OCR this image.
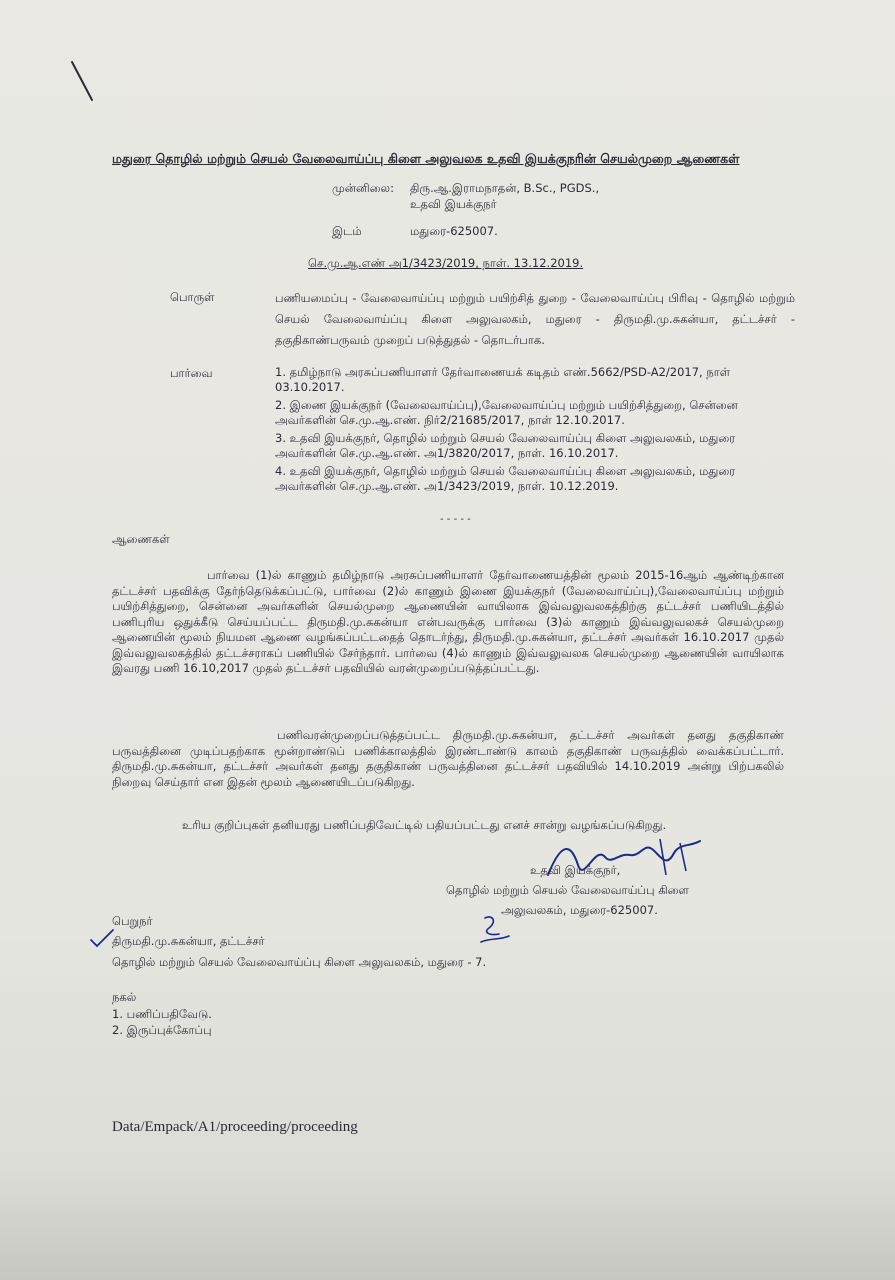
மதுரை தொழில் மற்றும் செயல் வேலைவாய்ப்பு கிளை அலுவலக உதவி இயக்குநரின் செயல்முறை ஆணைகள்
முன்னிலை: திரு.ஆ.இராமநாதன், B.Sc., PGDS.,
உதவி இயக்குநர்
இடம்	மதுரை-625007.
செ.மு.ஆ.எண் அ1/3423/2019, நாள். 13.12.2019.
பொருள்	பணியமைப்பு - வேலைவாய்ப்பு மற்றும் பயிற்சித் துறை - வேலைவாய்ப்பு பிரிவு - தொழில் மற்றும் செயல் வேலைவாய்ப்பு கிளை அலுவலகம், மதுரை - திருமதி.மு.சுகன்யா, தட்டச்சர் - தகுதிகாண்பருவம் முறைப் படுத்துதல் - தொடர்பாக.
பார்வை	1. தமிழ்நாடு அரசுப்பணியாளர் தேர்வாணையக் கடிதம் எண்.5662/PSD-A2/2017, நாள் 03.10.2017.
2. இணை இயக்குநர் (வேலைவாய்ப்பு),வேலைவாய்ப்பு மற்றும் பயிற்சித்துறை, சென்னை அவர்களின் செ.மு.ஆ.எண். நிர்2/21685/2017, நாள் 12.10.2017.
3. உதவி இயக்குநர், தொழில் மற்றும் செயல் வேலைவாய்ப்பு கிளை அலுவலகம், மதுரை அவர்களின் செ.மு.ஆ.எண். அ1/3820/2017, நாள். 16.10.2017.
4. உதவி இயக்குநர், தொழில் மற்றும் செயல் வேலைவாய்ப்பு கிளை அலுவலகம், மதுரை அவர்களின் செ.மு.ஆ.எண். அ1/3423/2019, நாள். 10.12.2019.
- - - - -
ஆணைகள்
பார்வை (1)ல் காணும் தமிழ்நாடு அரசுப்பணியாளர் தேர்வாணையத்தின் மூலம் 2015-16ஆம் ஆண்டிற்கான தட்டச்சர் பதவிக்கு தேர்ந்தெடுக்கப்பட்டு, பார்வை (2)ல் காணும் இணை இயக்குநர் (வேலைவாய்ப்பு),வேலைவாய்ப்பு மற்றும் பயிற்சித்துறை, சென்னை அவர்களின் செயல்முறை ஆணையின் வாயிலாக இவ்வலுவலகத்திற்கு தட்டச்சர் பணியிடத்தில் பணிபுரிய ஒதுக்கீடு செய்யப்பட்ட திருமதி.மு.சுகன்யா என்பவருக்கு பார்வை (3)ல் காணும் இவ்வலுவலகச் செயல்முறை ஆணையின் மூலம் நியமன ஆணை வழங்கப்பட்டதைத் தொடர்ந்து, திருமதி.மு.சுகன்யா, தட்டச்சர் அவர்கள் 16.10.2017 முதல் இவ்வலுவலகத்தில் தட்டச்சராகப் பணியில் சேர்ந்தார். பார்வை (4)ல் காணும் இவ்வலுவலக செயல்முறை ஆணையின் வாயிலாக இவரது பணி 16.10,2017 முதல் தட்டச்சர் பதவியில் வரன்முறைப்படுத்தப்பட்டது.
பணிவரன்முறைப்படுத்தப்பட்ட திருமதி.மு.சுகன்யா, தட்டச்சர் அவர்கள் தனது தகுதிகாண் பருவத்தினை முடிப்பதற்காக மூன்றாண்டுப் பணிக்காலத்தில் இரண்டாண்டு காலம் தகுதிகாண் பருவத்தில் வைக்கப்பட்டார். திருமதி.மு.சுகன்யா, தட்டச்சர் அவர்கள் தனது தகுதிகாண் பருவத்தினை தட்டச்சர் பதவியில் 14.10.2019 அன்று பிற்பகலில் நிறைவு செய்தார் என இதன் மூலம் ஆணையிடப்படுகிறது.
உரிய குறிப்புகள் தனியரது பணிப்பதிவேட்டில் பதியப்பட்டது எனச் சான்று வழங்கப்படுகிறது.
உதவி இயக்குநர்,
தொழில் மற்றும் செயல் வேலைவாய்ப்பு கிளை
அலுவலகம், மதுரை-625007.
பெறுநர்
திருமதி.மு.சுகன்யா, தட்டச்சர்
தொழில் மற்றும் செயல் வேலைவாய்ப்பு கிளை அலுவலகம், மதுரை - 7.
நகல்
1. பணிப்பதிவேடு.
2. இருப்புக்கோப்பு
Data/Empack/A1/proceeding/proceeding
